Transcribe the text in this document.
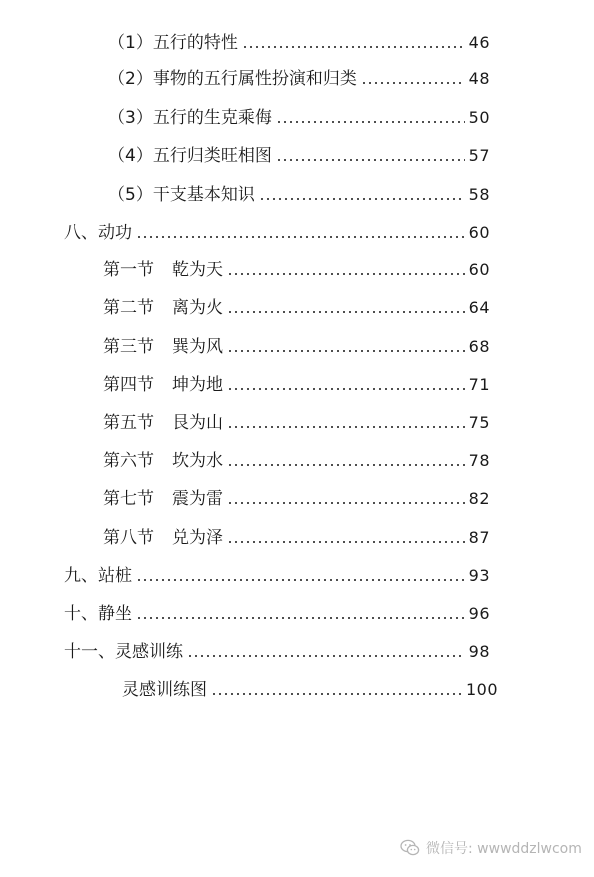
（1）五行的特性	46
（2）事物的五行属性扮演和归类	48
（3）五行的生克乘侮	50
（4）五行归类旺相图	57
（5）干支基本知识	58
八、动功	60
第一节 乾为天	60
第二节 离为火	64
第三节 巽为风	68
第四节 坤为地	71
第五节 艮为山	75
第六节 坎为水	78
第七节 震为雷	82
第八节 兑为泽	87
九、站桩	93
十、静坐	96
十一、灵感训练	98
灵感训练图	100
微信号: wwwddzlwcom
